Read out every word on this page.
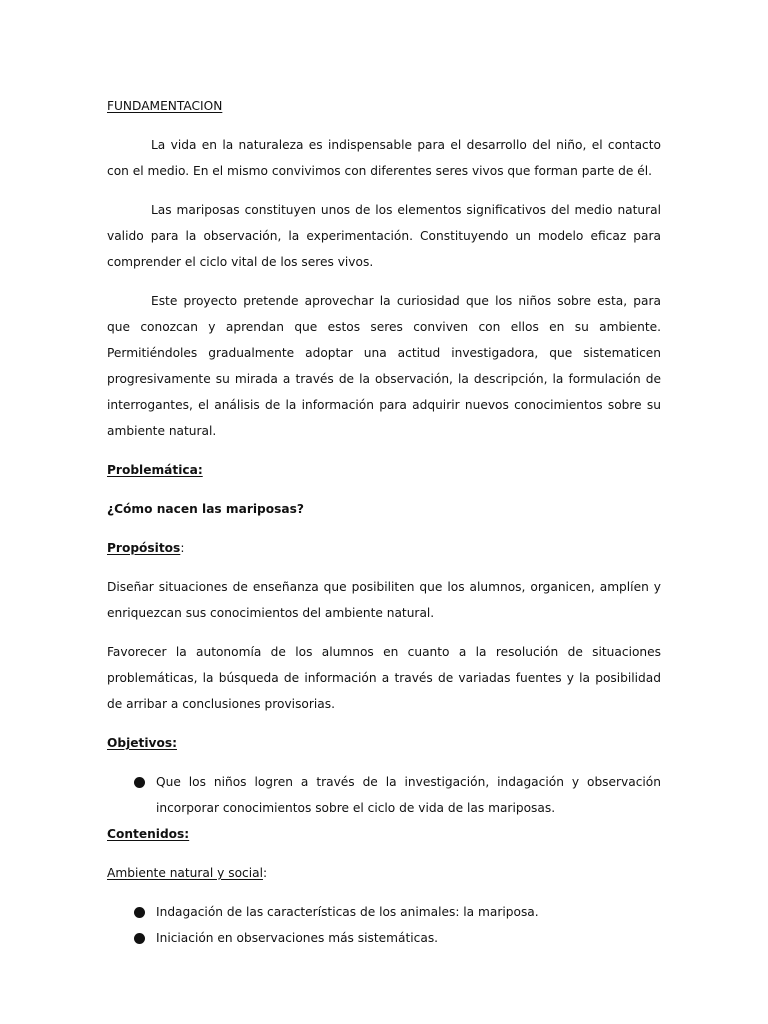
FUNDAMENTACION

La vida en la naturaleza es indispensable para el desarrollo del niño, el contacto con el medio. En el mismo convivimos con diferentes seres vivos que forman parte de él.

Las mariposas constituyen unos de los elementos significativos del medio natural valido para la observación, la experimentación. Constituyendo un modelo eficaz para comprender el ciclo vital de los seres vivos.

Este proyecto pretende aprovechar la curiosidad que los niños sobre esta, para que conozcan y aprendan que estos seres conviven con ellos en su ambiente. Permitiéndoles gradualmente adoptar una actitud investigadora, que sistematicen progresivamente su mirada a través de la observación, la descripción, la formulación de interrogantes, el análisis de la información para adquirir nuevos conocimientos sobre su ambiente natural.

Problemática:

¿Cómo nacen las mariposas?

Propósitos:

Diseñar situaciones de enseñanza que posibiliten que los alumnos, organicen, amplíen y enriquezcan sus conocimientos del ambiente natural.

Favorecer la autonomía de los alumnos en cuanto a la resolución de situaciones problemáticas, la búsqueda de información a través de variadas fuentes y la posibilidad de arribar a conclusiones provisorias.

Objetivos:

Que los niños logren a través de la investigación, indagación y observación incorporar conocimientos sobre el ciclo de vida de las mariposas.

Contenidos:

Ambiente natural y social:

Indagación de las características de los animales: la mariposa.
Iniciación en observaciones más sistemáticas.
